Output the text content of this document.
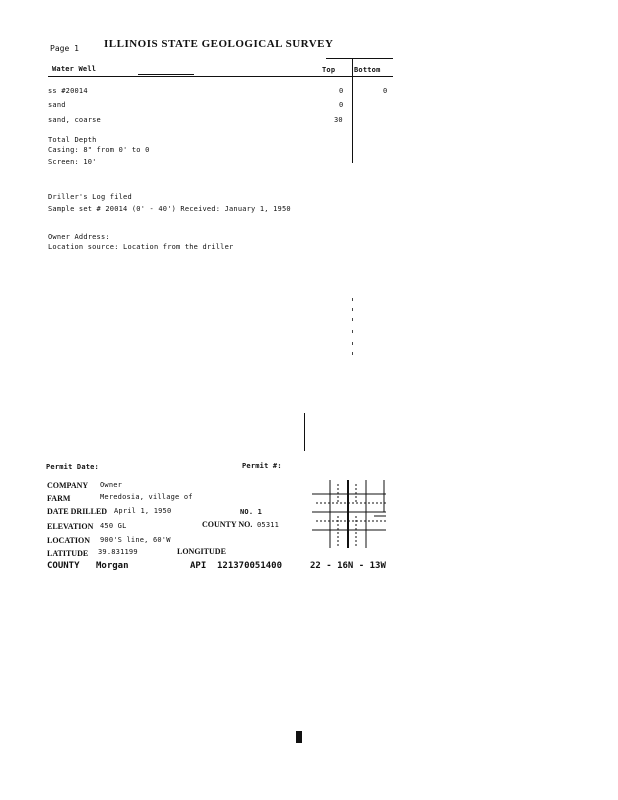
Page 1 ILLINOIS STATE GEOLOGICAL SURVEY
Water Well	Top	Bottom
ss #20014	0	0
sand	0
sand, coarse	30
Total Depth
Casing: 8" from 0' to 0
Screen: 10'
Driller's Log filed
Sample set # 20014 (0' - 40') Received: January 1, 1950
Owner Address:
Location source: Location from the driller
Permit Date:	Permit #:
COMPANY Owner
FARM	Meredosia, village of
DATE DRILLED April 1, 1950	NO. 1
ELEVATION 450 GL	COUNTY NO. 05311
LOCATION 900'S line, 60'W
LATITUDE 39.831199	LONGITUDE
COUNTY Morgan	API 121370051400	22 - 16N - 13W
